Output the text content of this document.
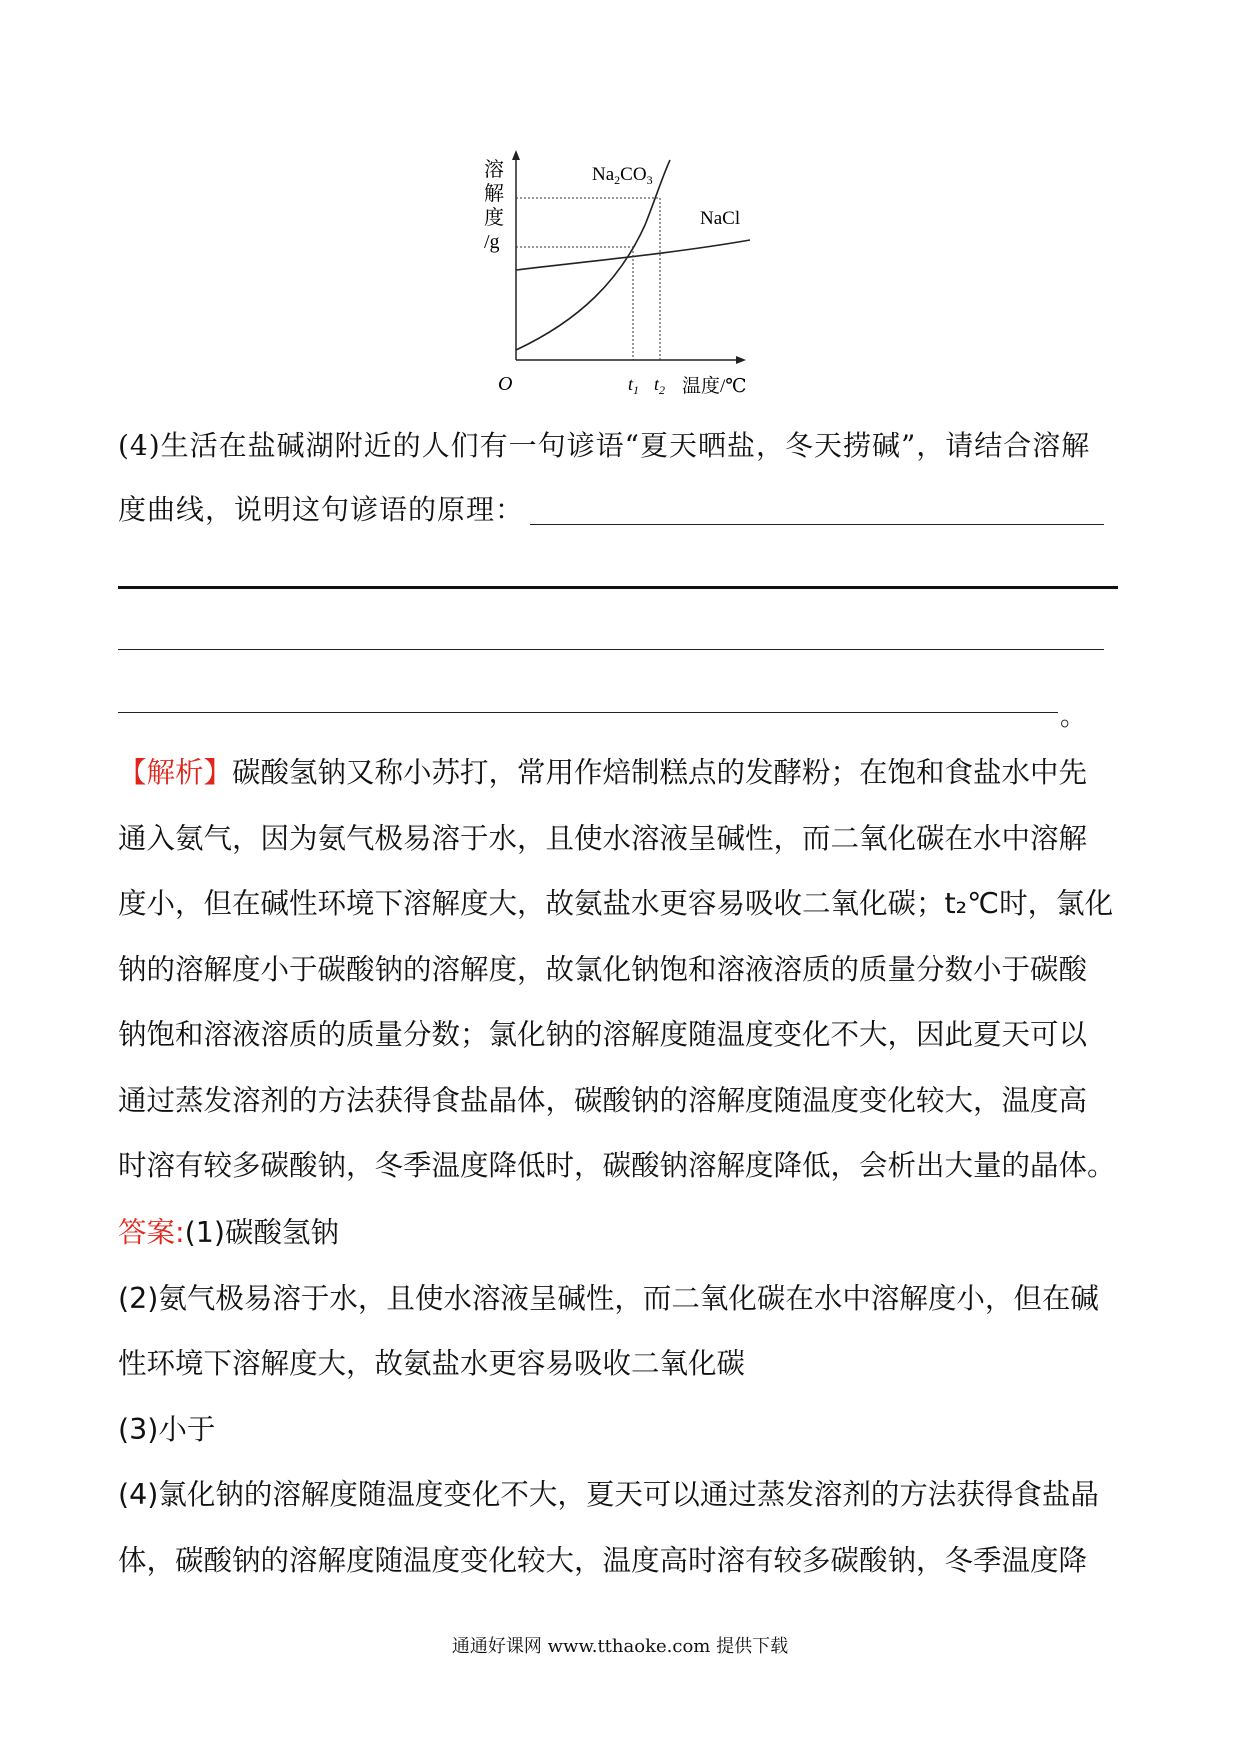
溶
解
度
/g
$Na_2CO_3$
NaCl
O	$t_1$ $t_2$ 温度/℃
(4)生活在盐碱湖附近的人们有一句谚语“夏天晒盐，冬天捞碱”，请结合溶解
度曲线，说明这句谚语的原理：
。
【解析】碳酸氢钠又称小苏打，常用作焙制糕点的发酵粉；在饱和食盐水中先
通入氨气，因为氨气极易溶于水，且使水溶液呈碱性，而二氧化碳在水中溶解
度小，但在碱性环境下溶解度大，故氨盐水更容易吸收二氧化碳；t₂℃时，氯化
钠的溶解度小于碳酸钠的溶解度，故氯化钠饱和溶液溶质的质量分数小于碳酸
钠饱和溶液溶质的质量分数；氯化钠的溶解度随温度变化不大，因此夏天可以
通过蒸发溶剂的方法获得食盐晶体，碳酸钠的溶解度随温度变化较大，温度高
时溶有较多碳酸钠，冬季温度降低时，碳酸钠溶解度降低，会析出大量的晶体。
答案:(1)碳酸氢钠
(2)氨气极易溶于水，且使水溶液呈碱性，而二氧化碳在水中溶解度小，但在碱
性环境下溶解度大，故氨盐水更容易吸收二氧化碳
(3)小于
(4)氯化钠的溶解度随温度变化不大，夏天可以通过蒸发溶剂的方法获得食盐晶
体，碳酸钠的溶解度随温度变化较大，温度高时溶有较多碳酸钠，冬季温度降
通通好课网 www.tthaoke.com 提供下载
